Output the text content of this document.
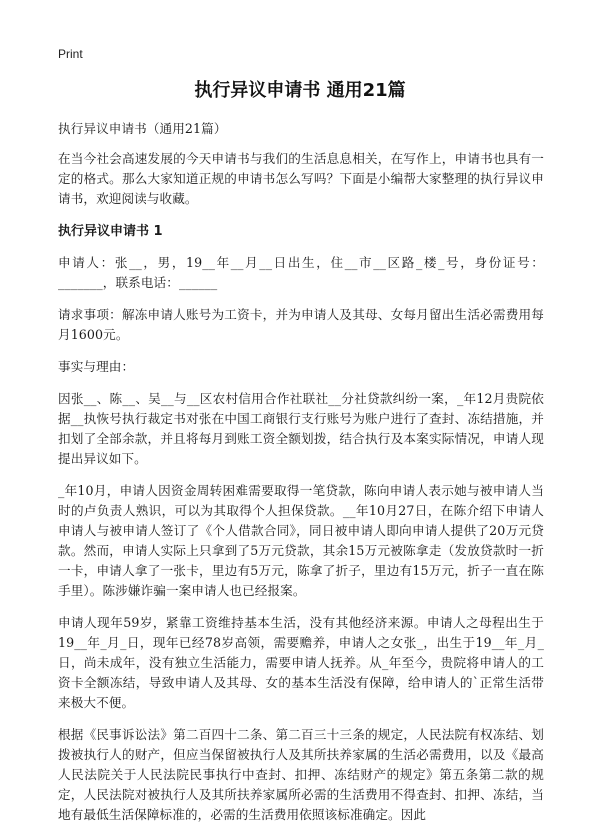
Print
执行异议申请书 通用21篇

执行异议申请书（通用21篇）

在当今社会高速发展的今天申请书与我们的生活息息相关，在写作上，申请书也具有一定的格式。那么大家知道正规的申请书怎么写吗？下面是小编帮大家整理的执行异议申请书，欢迎阅读与收藏。

执行异议申请书 1

申请人：张__，男，19__年__月__日出生，住__市__区路_楼_号，身份证号：_______，联系电话：______

请求事项：解冻申请人账号为工资卡，并为申请人及其母、女每月留出生活必需费用每月1600元。

事实与理由：

因张__、陈__、吴__与__区农村信用合作社联社__分社贷款纠纷一案，_年12月贵院依据__执恢号执行裁定书对张在中国工商银行支行账号为账户进行了查封、冻结措施，并扣划了全部余款，并且将每月到账工资全额划拨，结合执行及本案实际情况，申请人现提出异议如下。

_年10月，申请人因资金周转困难需要取得一笔贷款，陈向申请人表示她与被申请人当时的卢负责人熟识，可以为其取得个人担保贷款。__年10月27日，在陈介绍下申请人申请人与被申请人签订了《个人借款合同》，同日被申请人即向申请人提供了20万元贷款。然而，申请人实际上只拿到了5万元贷款，其余15万元被陈拿走（发放贷款时一折一卡，申请人拿了一张卡，里边有5万元，陈拿了折子，里边有15万元，折子一直在陈手里）。陈涉嫌诈骗一案申请人也已经报案。

申请人现年59岁，紧靠工资维持基本生活，没有其他经济来源。申请人之母程出生于19__年_月_日，现年已经78岁高领，需要赡养，申请人之女张_，出生于19__年_月_日，尚未成年，没有独立生活能力，需要申请人抚养。从_年至今，贵院将申请人的工资卡全额冻结，导致申请人及其母、女的基本生活没有保障，给申请人的`正常生活带来极大不便。

根据《民事诉讼法》第二百四十二条、第二百三十三条的规定，人民法院有权冻结、划拨被执行人的财产，但应当保留被执行人及其所扶养家属的生活必需费用，以及《最高人民法院关于人民法院民事执行中查封、扣押、冻结财产的规定》第五条第二款的规定，人民法院对被执行人及其所扶养家属所必需的生活费用不得查封、扣押、冻结，当地有最低生活保障标准的，必需的生活费用依照该标准确定。因此
